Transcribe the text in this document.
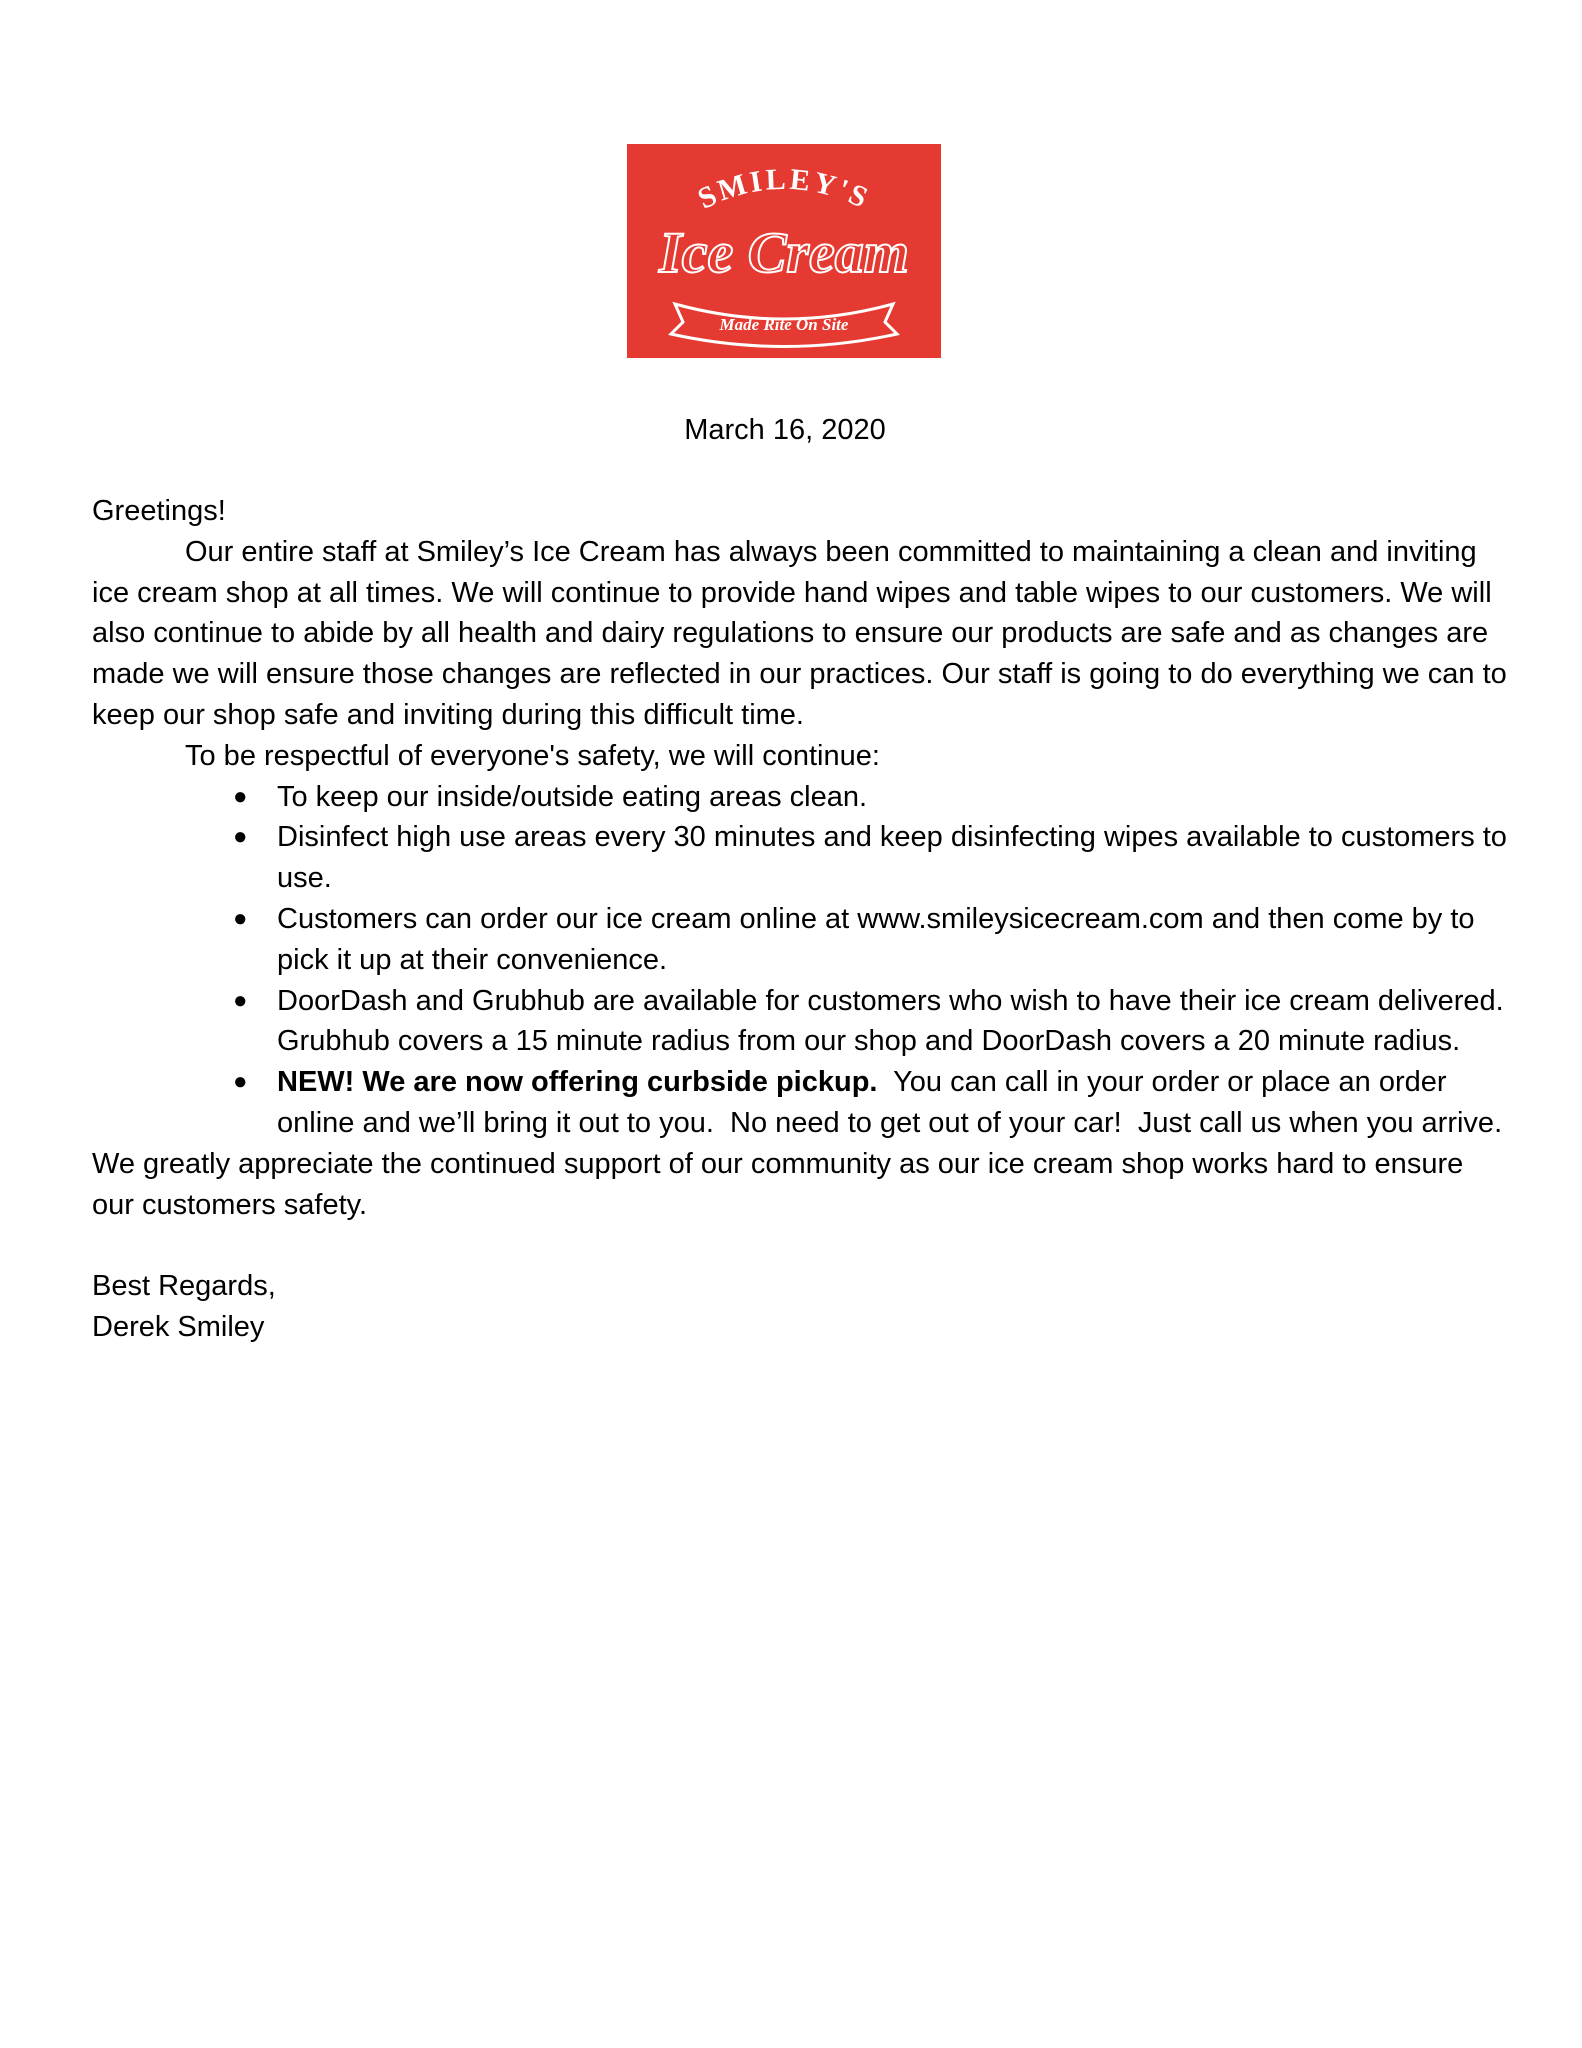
SMILEY'S
Ice Cream
Made Rite On Site
March 16, 2020

Greetings!

Our entire staff at Smiley’s Ice Cream has always been committed to maintaining a clean and inviting ice cream shop at all times. We will continue to provide hand wipes and table wipes to our customers. We will also continue to abide by all health and dairy regulations to ensure our products are safe and as changes are made we will ensure those changes are reflected in our practices. Our staff is going to do everything we can to keep our shop safe and inviting during this difficult time.

To be respectful of everyone's safety, we will continue:

● To keep our inside/outside eating areas clean.
● Disinfect high use areas every 30 minutes and keep disinfecting wipes available to customers to use.
● Customers can order our ice cream online at www.smileysicecream.com and then come by to pick it up at their convenience.
● DoorDash and Grubhub are available for customers who wish to have their ice cream delivered. Grubhub covers a 15 minute radius from our shop and DoorDash covers a 20 minute radius.
● NEW! We are now offering curbside pickup.  You can call in your order or place an order online and we’ll bring it out to you.  No need to get out of your car!  Just call us when you arrive.

We greatly appreciate the continued support of our community as our ice cream shop works hard to ensure our customers safety.

Best Regards,

Derek Smiley
